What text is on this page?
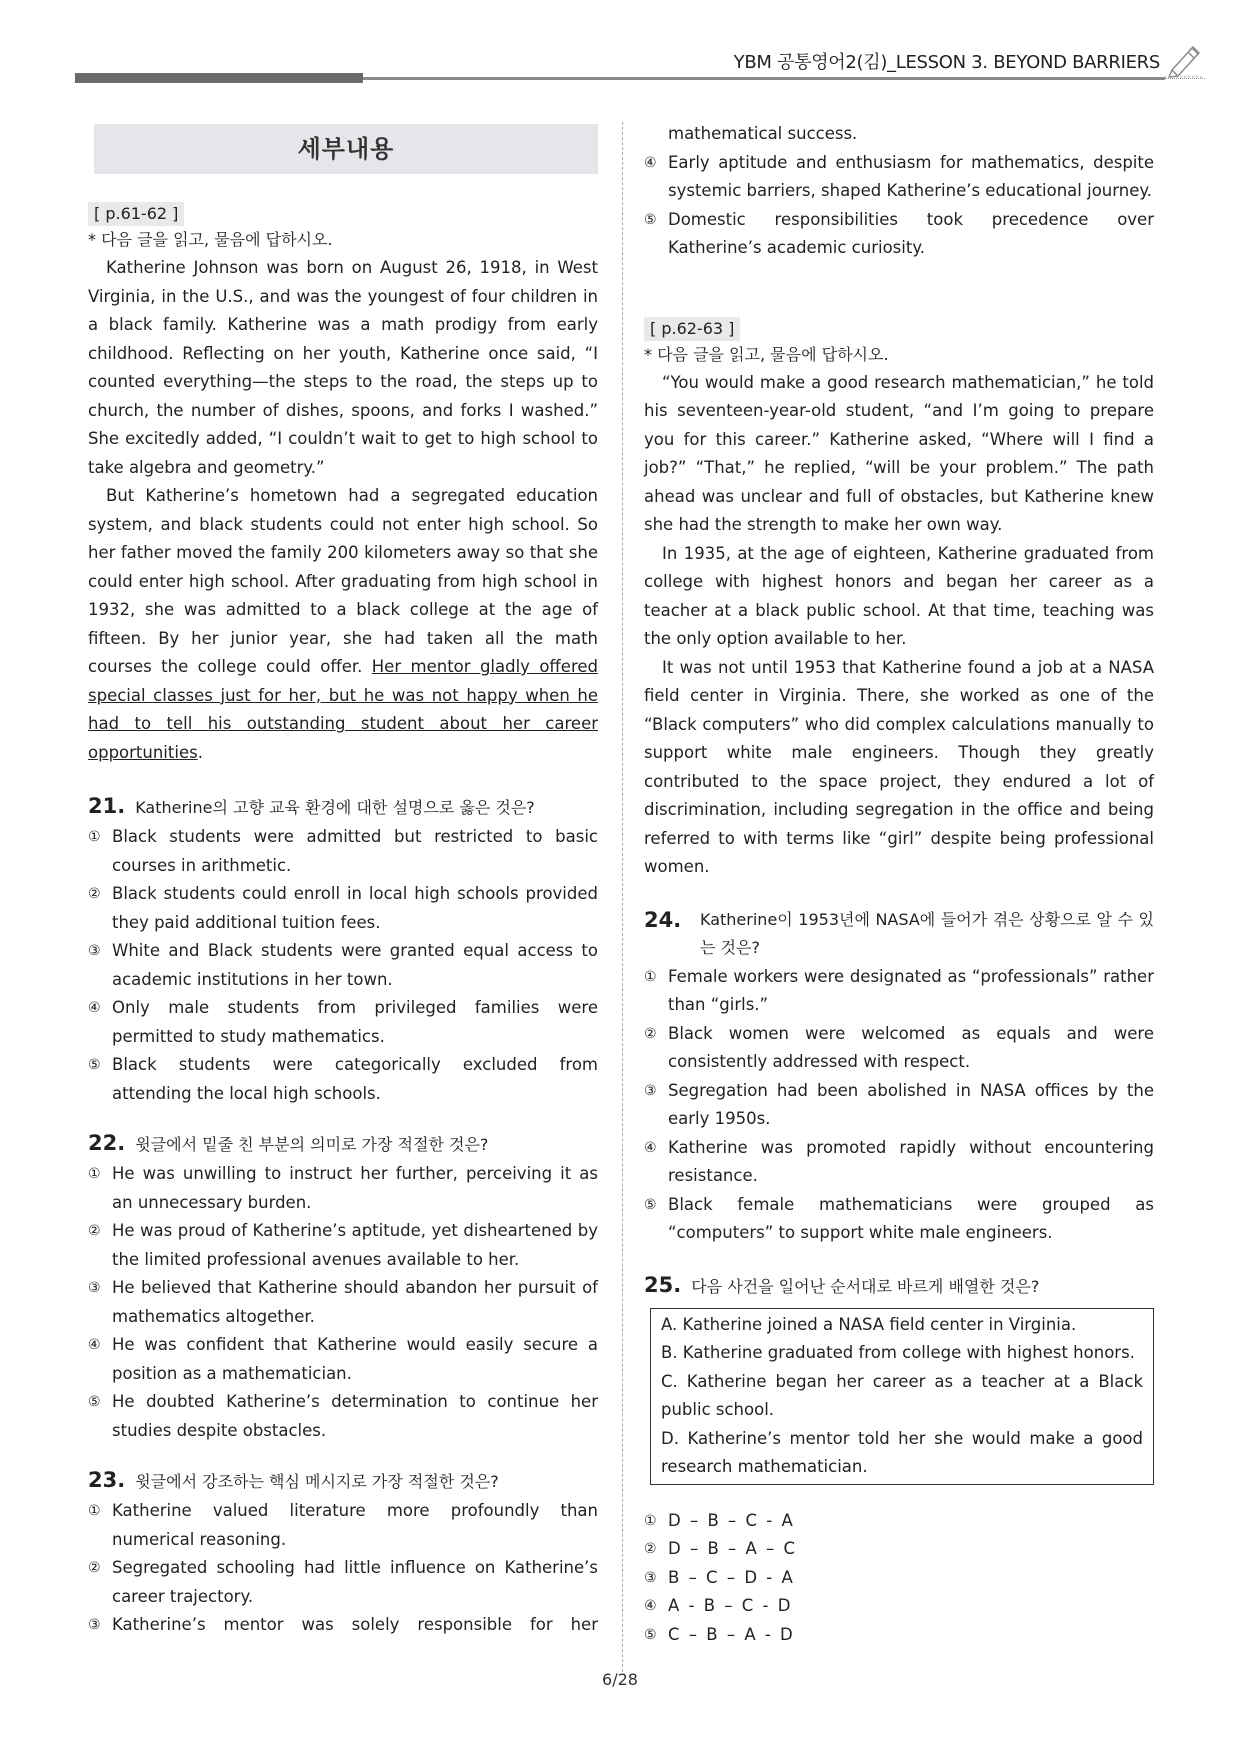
YBM 공통영어2(김)_LESSON 3. BEYOND BARRIERS
세부내용
[ p.61-62 ]
* 다음 글을 읽고, 물음에 답하시오.

Katherine Johnson was born on August 26, 1918, in West Virginia, in the U.S., and was the youngest of four children in a black family. Katherine was a math prodigy from early childhood. Reflecting on her youth, Katherine once said, “I counted everything—the steps to the road, the steps up to church, the number of dishes, spoons, and forks I washed.” She excitedly added, “I couldn’t wait to get to high school to take algebra and geometry.”

But Katherine’s hometown had a segregated education system, and black students could not enter high school. So her father moved the family 200 kilometers away so that she could enter high school. After graduating from high school in 1932, she was admitted to a black college at the age of fifteen. By her junior year, she had taken all the math courses the college could offer. Her mentor gladly offered special classes just for her, but he was not happy when he had to tell his outstanding student about her career opportunities.

21. Katherine의 고향 교육 환경에 대한 설명으로 옳은 것은?
① Black students were admitted but restricted to basic courses in arithmetic.
② Black students could enroll in local high schools provided they paid additional tuition fees.
③ White and Black students were granted equal access to academic institutions in her town.
④ Only male students from privileged families were permitted to study mathematics.
⑤ Black students were categorically excluded from attending the local high schools.
22. 윗글에서 밑줄 친 부분의 의미로 가장 적절한 것은?
① He was unwilling to instruct her further, perceiving it as an unnecessary burden.
② He was proud of Katherine’s aptitude, yet disheartened by the limited professional avenues available to her.
③ He believed that Katherine should abandon her pursuit of mathematics altogether.
④ He was confident that Katherine would easily secure a position as a mathematician.
⑤ He doubted Katherine’s determination to continue her studies despite obstacles.
23. 윗글에서 강조하는 핵심 메시지로 가장 적절한 것은?
① Katherine valued literature more profoundly than numerical reasoning.
② Segregated schooling had little influence on Katherine’s career trajectory.
③ Katherine’s mentor was solely responsible for her
mathematical success.
④ Early aptitude and enthusiasm for mathematics, despite systemic barriers, shaped Katherine’s educational journey.
⑤ Domestic responsibilities took precedence over Katherine’s academic curiosity.
[ p.62-63 ]
* 다음 글을 읽고, 물음에 답하시오.

“You would make a good research mathematician,” he told his seventeen-year-old student, “and I’m going to prepare you for this career.” Katherine asked, “Where will I find a job?” “That,” he replied, “will be your problem.” The path ahead was unclear and full of obstacles, but Katherine knew she had the strength to make her own way.

In 1935, at the age of eighteen, Katherine graduated from college with highest honors and began her career as a teacher at a black public school. At that time, teaching was the only option available to her.

It was not until 1953 that Katherine found a job at a NASA field center in Virginia. There, she worked as one of the “Black computers” who did complex calculations manually to support white male engineers. Though they greatly contributed to the space project, they endured a lot of discrimination, including segregation in the office and being referred to with terms like “girl” despite being professional women.

24.	Katherine이 1953년에 NASA에 들어가 겪은 상황으로 알 수 있는 것은?
① Female workers were designated as “professionals” rather than “girls.”
② Black women were welcomed as equals and were consistently addressed with respect.
③ Segregation had been abolished in NASA offices by the early 1950s.
④ Katherine was promoted rapidly without encountering resistance.
⑤ Black female mathematicians were grouped as “computers” to support white male engineers.
25. 다음 사건을 일어난 순서대로 바르게 배열한 것은?
A. Katherine joined a NASA field center in Virginia.
B. Katherine graduated from college with highest honors.
C. Katherine began her career as a teacher at a Black public school.
D. Katherine’s mentor told her she would make a good research mathematician.
① D – B – C - A
② D – B – A – C
③ B – C – D - A
④ A - B – C - D
⑤ C – B – A - D
6/28
